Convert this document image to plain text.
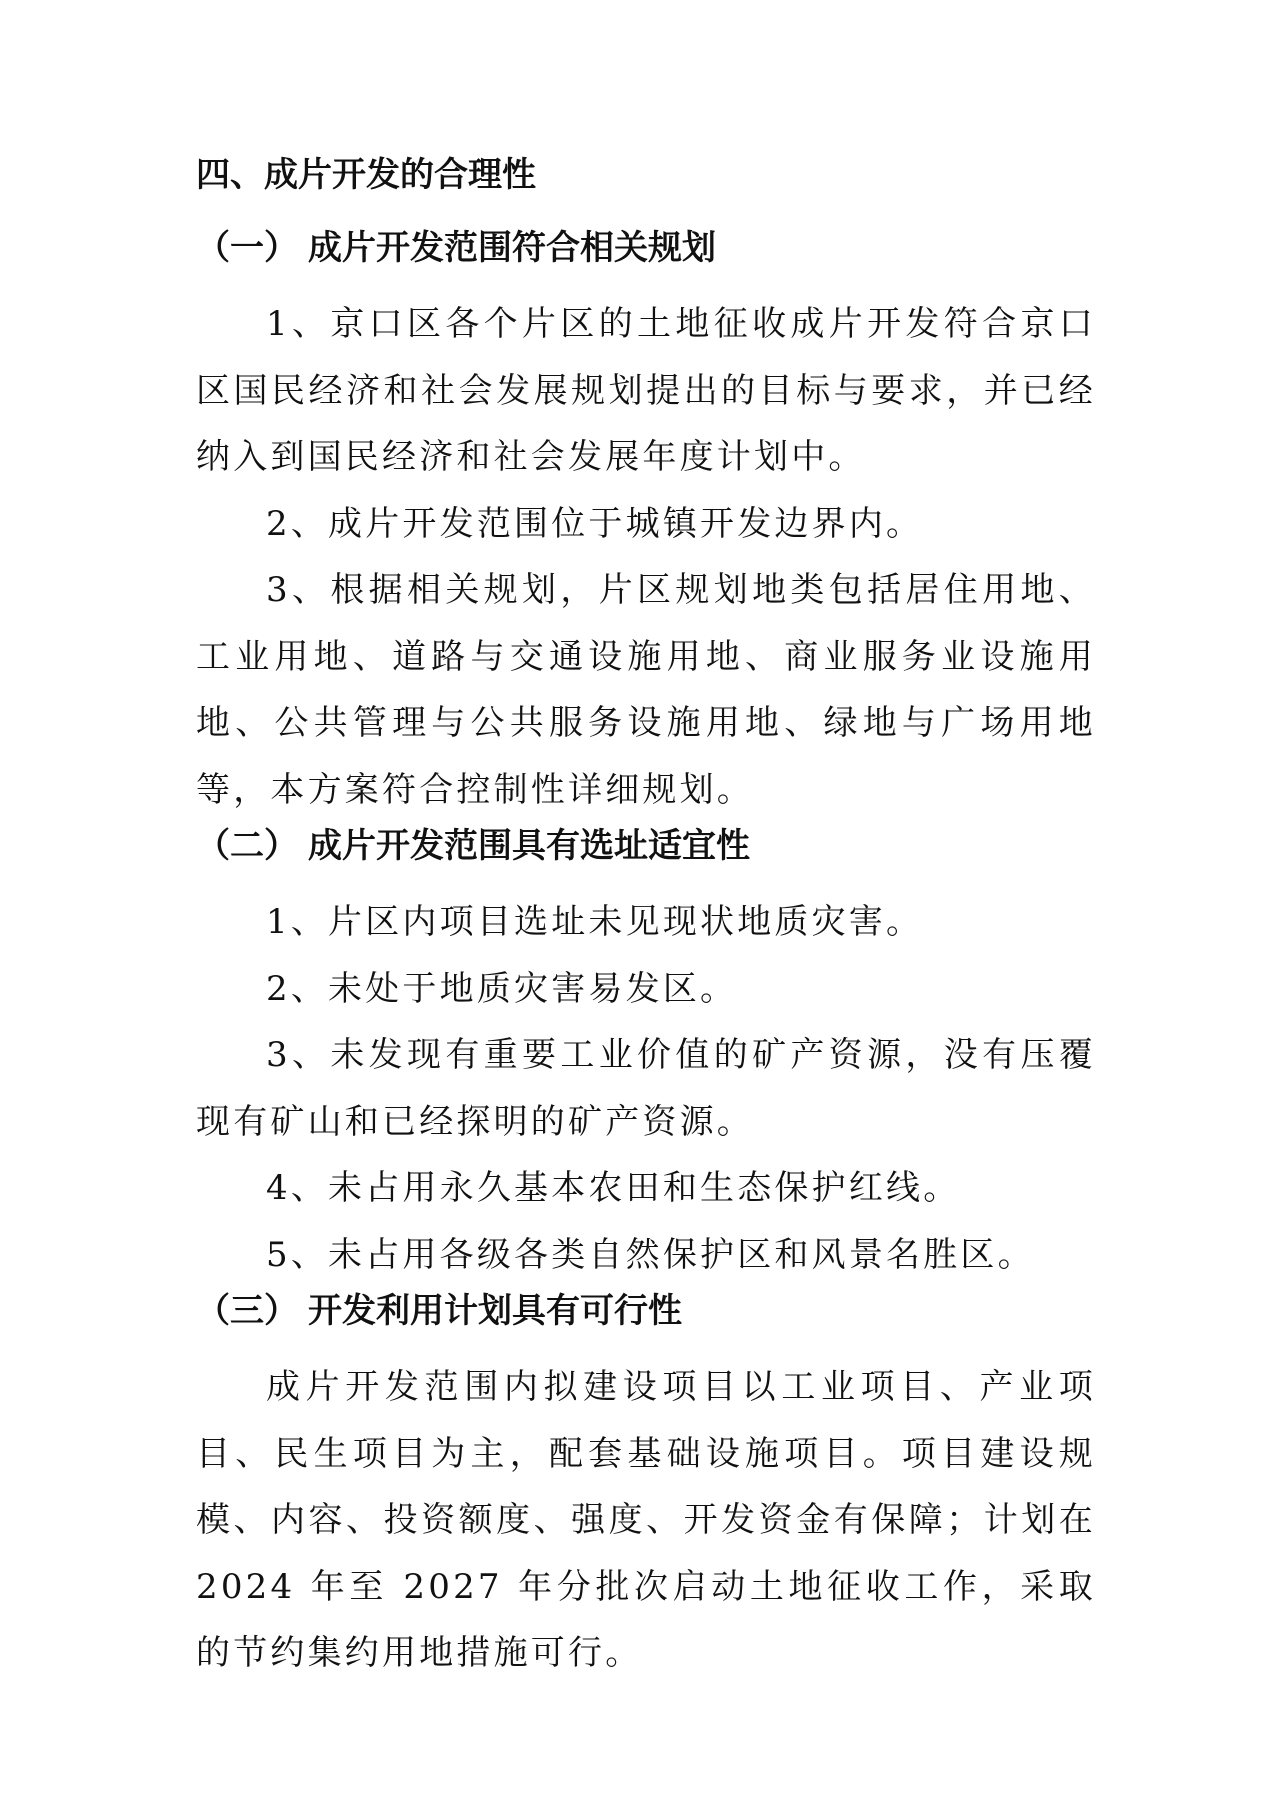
四、成片开发的合理性
（一） 成片开发范围符合相关规划

1、京口区各个片区的土地征收成片开发符合京口区国民经济和社会发展规划提出的目标与要求，并已经纳入到国民经济和社会发展年度计划中。

2、成片开发范围位于城镇开发边界内。

3、根据相关规划，片区规划地类包括居住用地、工业用地、道路与交通设施用地、商业服务业设施用地、公共管理与公共服务设施用地、绿地与广场用地等，本方案符合控制性详细规划。

（二） 成片开发范围具有选址适宜性

1、片区内项目选址未见现状地质灾害。

2、未处于地质灾害易发区。

3、未发现有重要工业价值的矿产资源，没有压覆现有矿山和已经探明的矿产资源。

4、未占用永久基本农田和生态保护红线。

5、未占用各级各类自然保护区和风景名胜区。

（三） 开发利用计划具有可行性

成片开发范围内拟建设项目以工业项目、产业项目、民生项目为主，配套基础设施项目。项目建设规模、内容、投资额度、强度、开发资金有保障；计划在 2024 年至 2027 年分批次启动土地征收工作，采取的节约集约用地措施可行。
